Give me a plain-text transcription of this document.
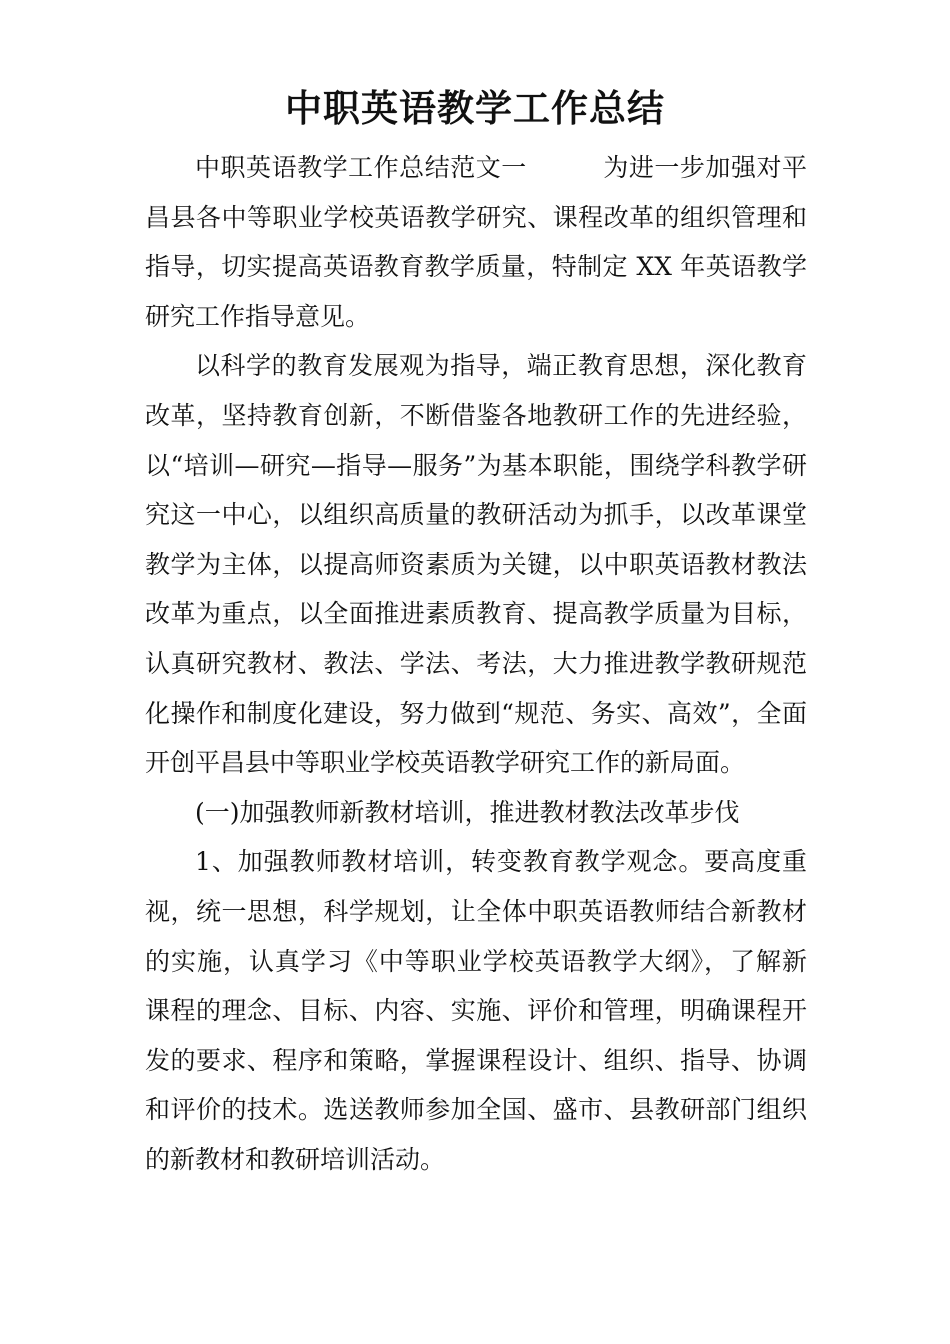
中职英语教学工作总结

中职英语教学工作总结范文一　　　为进一步加强对平昌县各中等职业学校英语教学研究、课程改革的组织管理和指导，切实提高英语教育教学质量，特制定 XX 年英语教学研究工作指导意见。

以科学的教育发展观为指导，端正教育思想，深化教育改革，坚持教育创新，不断借鉴各地教研工作的先进经验，以“培训—研究—指导—服务”为基本职能，围绕学科教学研究这一中心，以组织高质量的教研活动为抓手，以改革课堂教学为主体，以提高师资素质为关键，以中职英语教材教法改革为重点，以全面推进素质教育、提高教学质量为目标，认真研究教材、教法、学法、考法，大力推进教学教研规范化操作和制度化建设，努力做到“规范、务实、高效”，全面开创平昌县中等职业学校英语教学研究工作的新局面。

(一)加强教师新教材培训，推进教材教法改革步伐

1、加强教师教材培训，转变教育教学观念。要高度重视，统一思想，科学规划，让全体中职英语教师结合新教材的实施，认真学习《中等职业学校英语教学大纲》，了解新课程的理念、目标、内容、实施、评价和管理，明确课程开发的要求、程序和策略，掌握课程设计、组织、指导、协调和评价的技术。选送教师参加全国、盛市、县教研部门组织的新教材和教研培训活动。
